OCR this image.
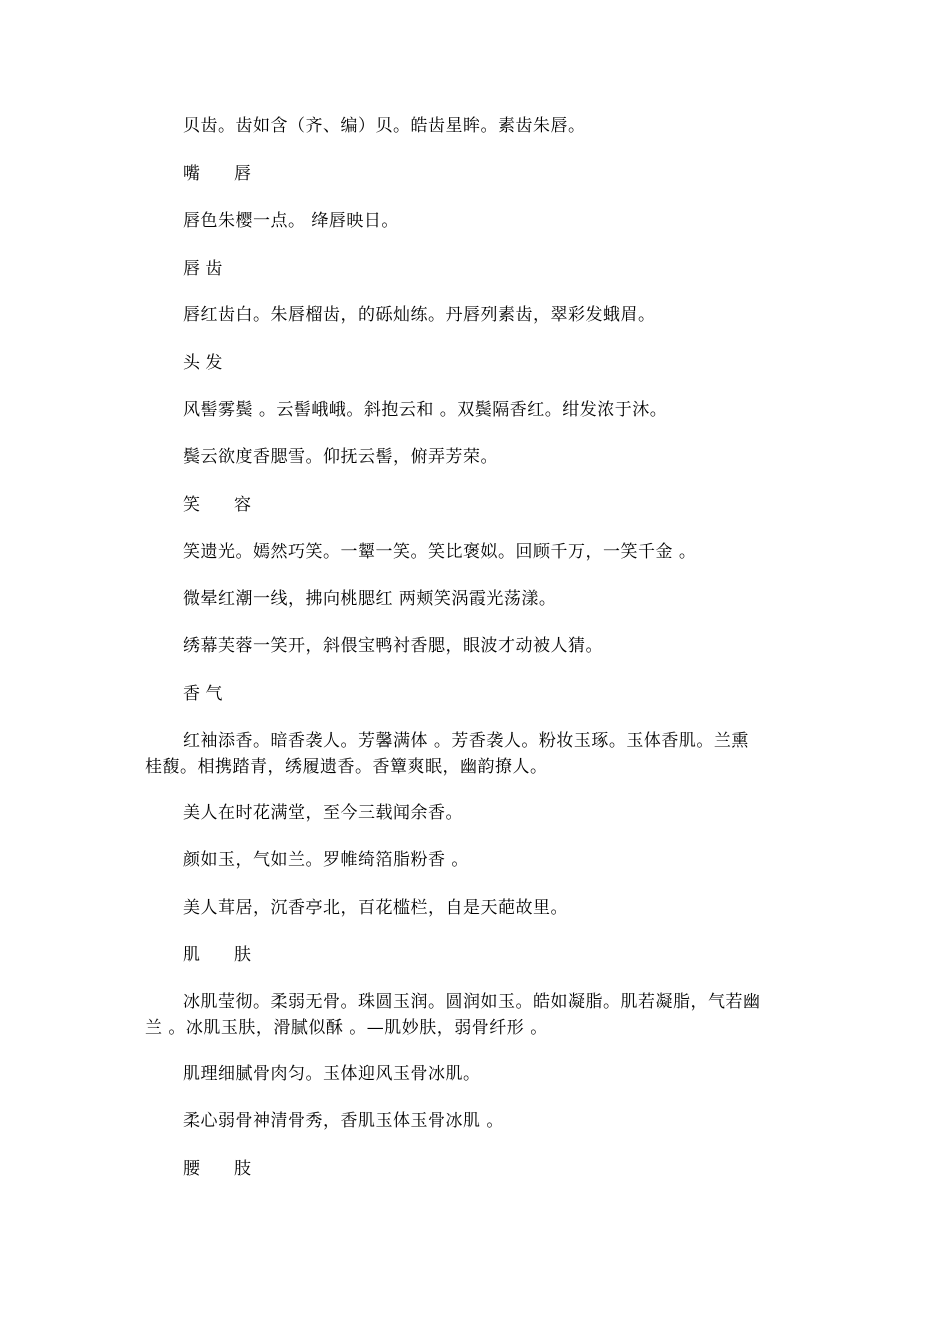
贝齿。齿如含（齐、编）贝。皓齿星眸。素齿朱唇。
嘴　　唇
唇色朱樱一点。 绛唇映日。
唇 齿
唇红齿白。朱唇榴齿，的砾灿练。丹唇列素齿，翠彩发蛾眉。
头 发
风髻雾鬓 。云髻峨峨。斜抱云和 。双鬓隔香红。绀发浓于沐。
鬓云欲度香腮雪。仰抚云髻，俯弄芳荣。
笑　　容
笑遗光。嫣然巧笑。一颦一笑。笑比褒姒。回顾千万，一笑千金 。
微晕红潮一线，拂向桃腮红 两颊笑涡霞光荡漾。
绣幕芙蓉一笑开，斜偎宝鸭衬香腮，眼波才动被人猜。
香 气
红袖添香。暗香袭人。芳馨满体 。芳香袭人。粉妆玉琢。玉体香肌。兰熏
桂馥。相携踏青，绣履遗香。香簟爽眠，幽韵撩人。
美人在时花满堂，至今三载闻余香。
颜如玉，气如兰。罗帷绮箔脂粉香 。
美人茸居，沉香亭北，百花槛栏，自是天葩故里。
肌　　肤
冰肌莹彻。柔弱无骨。珠圆玉润。圆润如玉。皓如凝脂。肌若凝脂，气若幽
兰 。冰肌玉肤，滑腻似酥 。—肌妙肤，弱骨纤形 。
肌理细腻骨肉匀。玉体迎风玉骨冰肌。
柔心弱骨神清骨秀，香肌玉体玉骨冰肌 。
腰　　肢
